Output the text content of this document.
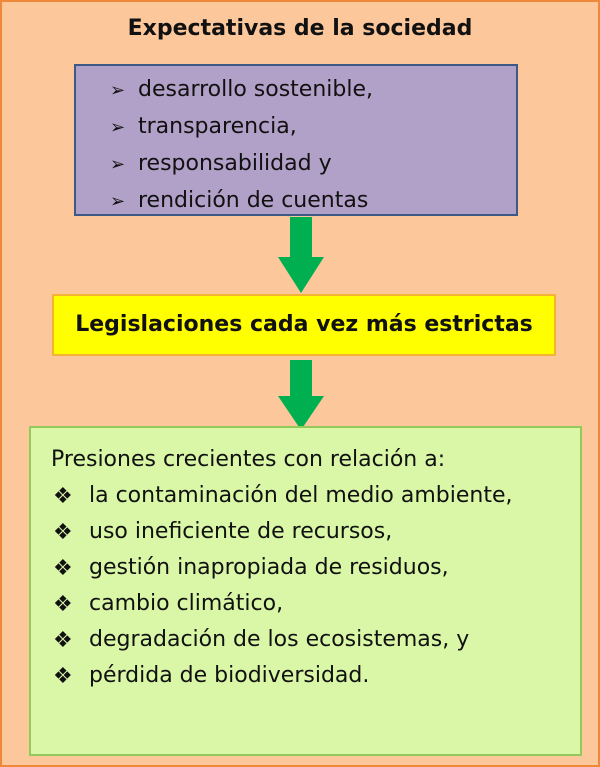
Expectativas de la sociedad
➢ desarrollo sostenible,
➢ transparencia,
➢ responsabilidad y
➢ rendición de cuentas
Legislaciones cada vez más estrictas
Presiones crecientes con relación a:
❖ la contaminación del medio ambiente,
❖ uso ineficiente de recursos,
❖ gestión inapropiada de residuos,
❖ cambio climático,
❖ degradación de los ecosistemas, y
❖ pérdida de biodiversidad.
